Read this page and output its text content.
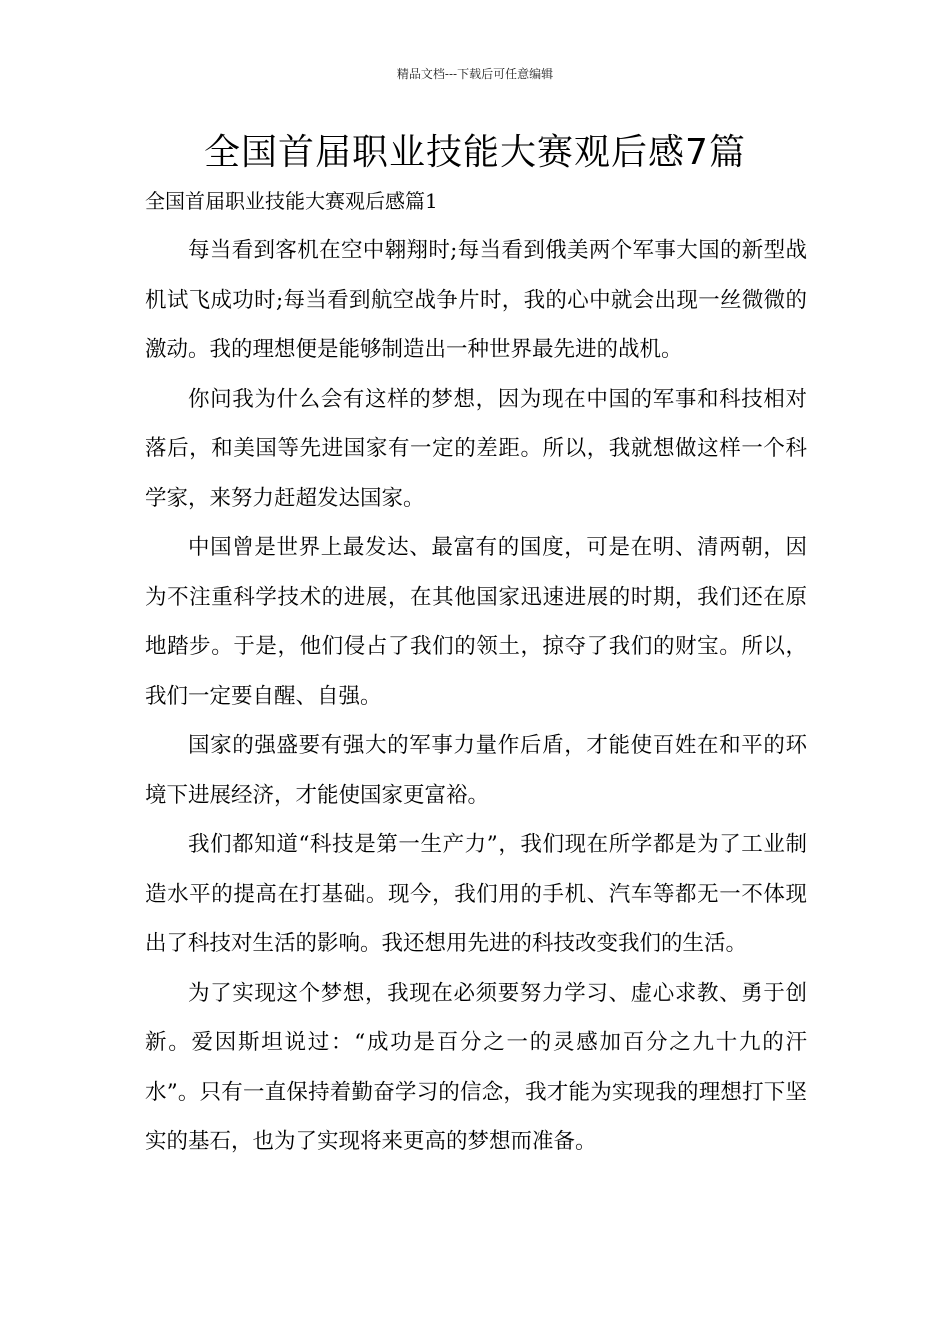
精品文档---下载后可任意编辑
全国首届职业技能大赛观后感7篇
全国首届职业技能大赛观后感篇1

每当看到客机在空中翱翔时;每当看到俄美两个军事大国的新型战机试飞成功时;每当看到航空战争片时，我的心中就会出现一丝微微的激动。我的理想便是能够制造出一种世界最先进的战机。

你问我为什么会有这样的梦想，因为现在中国的军事和科技相对落后，和美国等先进国家有一定的差距。所以，我就想做这样一个科学家，来努力赶超发达国家。

中国曾是世界上最发达、最富有的国度，可是在明、清两朝，因为不注重科学技术的进展，在其他国家迅速进展的时期，我们还在原地踏步。于是，他们侵占了我们的领土，掠夺了我们的财宝。所以，我们一定要自醒、自强。

国家的强盛要有强大的军事力量作后盾，才能使百姓在和平的环境下进展经济，才能使国家更富裕。

我们都知道“科技是第一生产力”，我们现在所学都是为了工业制造水平的提高在打基础。现今，我们用的手机、汽车等都无一不体现出了科技对生活的影响。我还想用先进的科技改变我们的生活。

为了实现这个梦想，我现在必须要努力学习、虚心求教、勇于创新。爱因斯坦说过：“成功是百分之一的灵感加百分之九十九的汗水”。只有一直保持着勤奋学习的信念，我才能为实现我的理想打下坚实的基石，也为了实现将来更高的梦想而准备。
